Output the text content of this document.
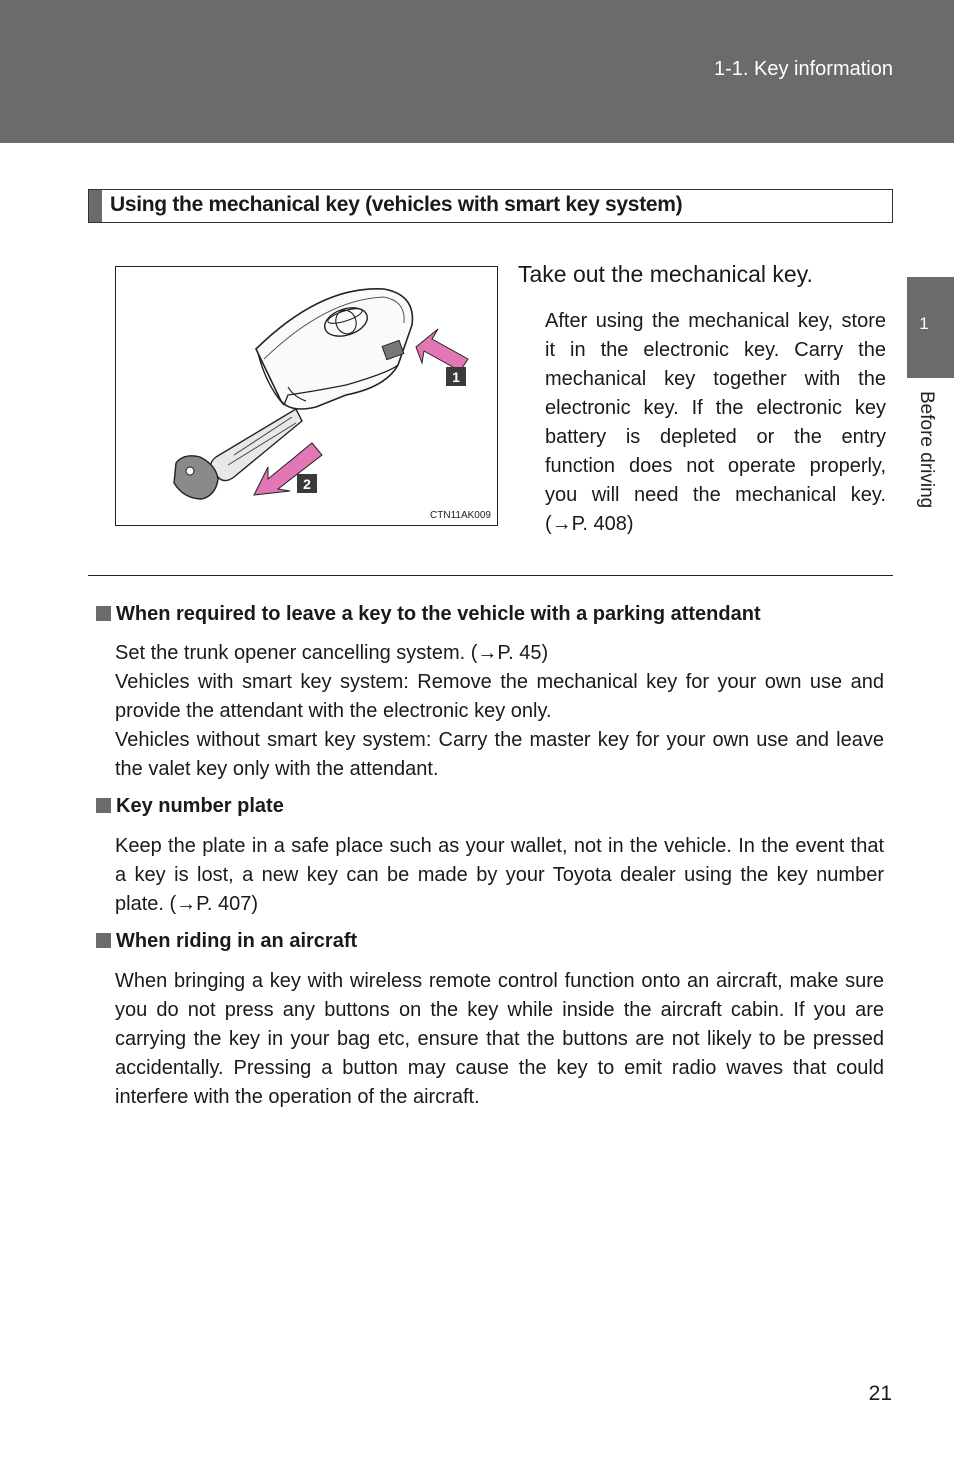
1-1. Key information
1
Before driving
Using the mechanical key (vehicles with smart key system)
1
2
CTN11AK009
Take out the mechanical key.
After using the mechanical key, store it in the electronic key. Carry the mechanical key together with the electronic key. If the electronic key battery is depleted or the entry function does not operate properly, you will need the mechanical key. (→P. 408)
When required to leave a key to the vehicle with a parking attendant

Set the trunk opener cancelling system. (→P. 45)

Vehicles with smart key system: Remove the mechanical key for your own use and provide the attendant with the electronic key only.

Vehicles without smart key system: Carry the master key for your own use and leave the valet key only with the attendant.

Key number plate

Keep the plate in a safe place such as your wallet, not in the vehicle. In the event that a key is lost, a new key can be made by your Toyota dealer using the key number plate. (→P. 407)

When riding in an aircraft

When bringing a key with wireless remote control function onto an aircraft, make sure you do not press any buttons on the key while inside the aircraft cabin. If you are carrying the key in your bag etc, ensure that the buttons are not likely to be pressed accidentally. Pressing a button may cause the key to emit radio waves that could interfere with the operation of the aircraft.

21
